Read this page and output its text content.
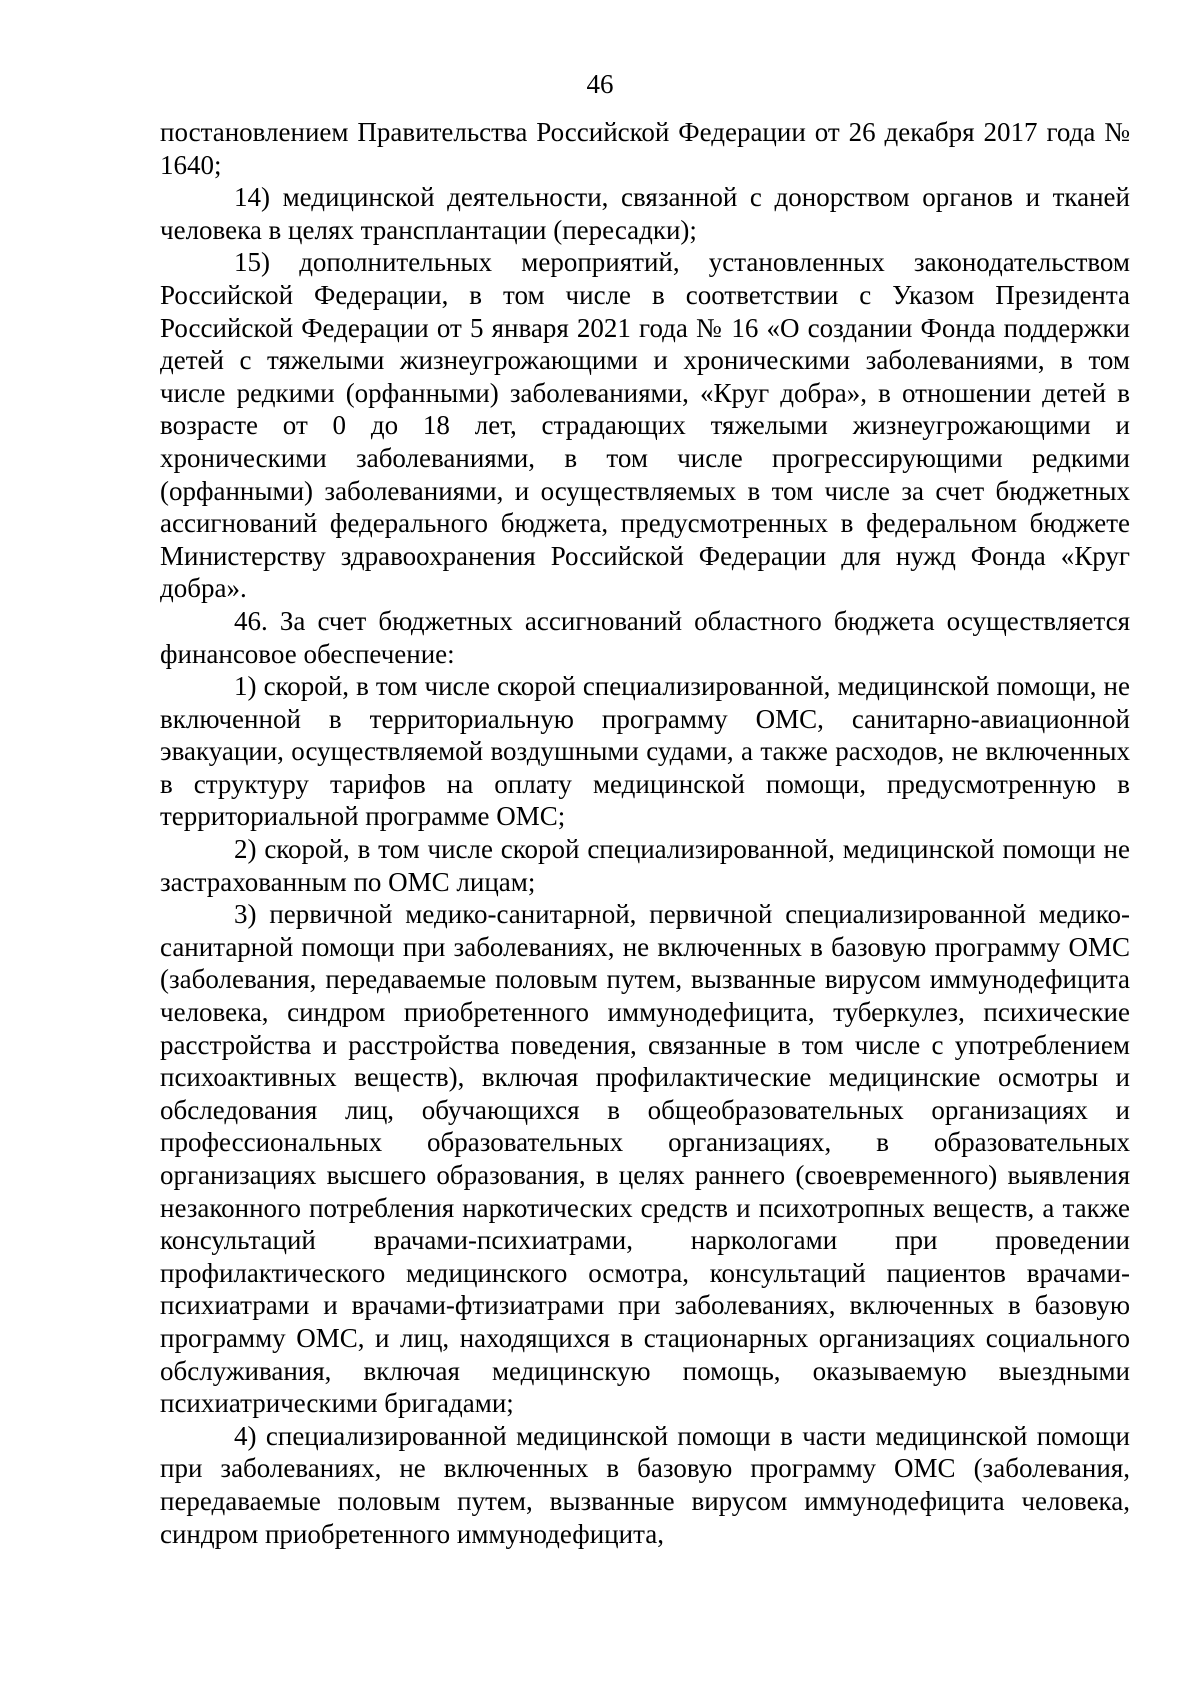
46

постановлением Правительства Российской Федерации от 26 декабря 2017 года № 1640;

14) медицинской деятельности, связанной с донорством органов и тканей человека в целях трансплантации (пересадки);

15) дополнительных мероприятий, установленных законодательством Российской Федерации, в том числе в соответствии с Указом Президента Российской Федерации от 5 января 2021 года № 16 «О создании Фонда поддержки детей с тяжелыми жизнеугрожающими и хроническими заболеваниями, в том числе редкими (орфанными) заболеваниями, «Круг добра», в отношении детей в возрасте от 0 до 18 лет, страдающих тяжелыми жизнеугрожающими и хроническими заболеваниями, в том числе прогрессирующими редкими (орфанными) заболеваниями, и осуществляемых в том числе за счет бюджетных ассигнований федерального бюджета, предусмотренных в федеральном бюджете Министерству здравоохранения Российской Федерации для нужд Фонда «Круг добра».

46. За счет бюджетных ассигнований областного бюджета осуществляется финансовое обеспечение:

1) скорой, в том числе скорой специализированной, медицинской помощи, не включенной в территориальную программу ОМС, санитарно-авиационной эвакуации, осуществляемой воздушными судами, а также расходов, не включенных в структуру тарифов на оплату медицинской помощи, предусмотренную в территориальной программе ОМС;

2) скорой, в том числе скорой специализированной, медицинской помощи не застрахованным по ОМС лицам;

3) первичной медико-санитарной, первичной специализированной медико-санитарной помощи при заболеваниях, не включенных в базовую программу ОМС (заболевания, передаваемые половым путем, вызванные вирусом иммунодефицита человека, синдром приобретенного иммунодефицита, туберкулез, психические расстройства и расстройства поведения, связанные в том числе с употреблением психоактивных веществ), включая профилактические медицинские осмотры и обследования лиц, обучающихся в общеобразовательных организациях и профессиональных образовательных организациях, в образовательных организациях высшего образования, в целях раннего (своевременного) выявления незаконного потребления наркотических средств и психотропных веществ, а также консультаций врачами-психиатрами, наркологами при проведении профилактического медицинского осмотра, консультаций пациентов врачами-психиатрами и врачами-фтизиатрами при заболеваниях, включенных в базовую программу ОМС, и лиц, находящихся в стационарных организациях социального обслуживания, включая медицинскую помощь, оказываемую выездными психиатрическими бригадами;

4) специализированной медицинской помощи в части медицинской помощи при заболеваниях, не включенных в базовую программу ОМС (заболевания, передаваемые половым путем, вызванные вирусом иммунодефицита человека, синдром приобретенного иммунодефицита,
